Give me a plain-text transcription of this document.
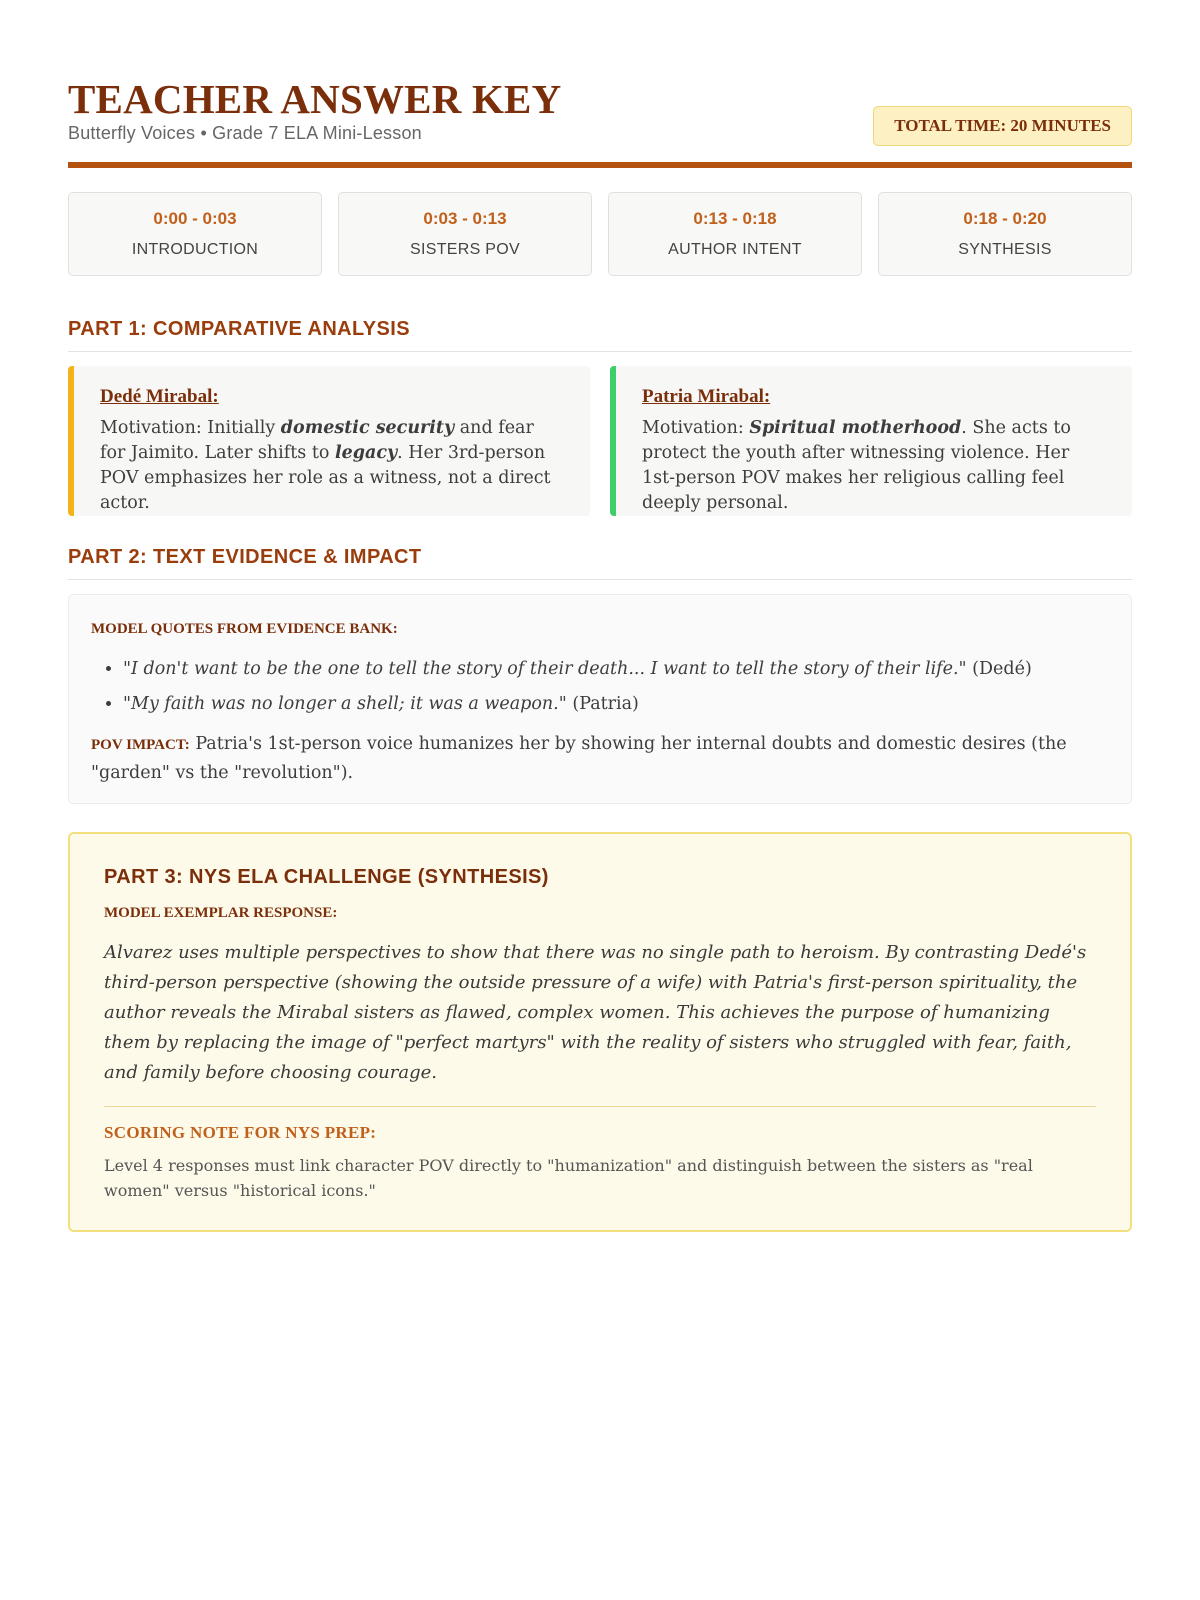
TEACHER ANSWER KEY
Butterfly Voices • Grade 7 ELA Mini-Lesson	TOTAL TIME: 20 MINUTES
0:00 - 0:03
INTRODUCTION
0:03 - 0:13
SISTERS POV
0:13 - 0:18
AUTHOR INTENT
0:18 - 0:20
SYNTHESIS
PART 1: COMPARATIVE ANALYSIS
Dedé Mirabal:

Motivation: Initially domestic security and fear for Jaimito. Later shifts to legacy. Her 3rd-person POV emphasizes her role as a witness, not a direct actor.

Patria Mirabal:

Motivation: Spiritual motherhood. She acts to protect the youth after witnessing violence. Her 1st-person POV makes her religious calling feel deeply personal.

PART 2: TEXT EVIDENCE & IMPACT
MODEL QUOTES FROM EVIDENCE BANK:
• "I don't want to be the one to tell the story of their death... I want to tell the story of their life." (Dedé)
• "My faith was no longer a shell; it was a weapon." (Patria)

POV IMPACT: Patria's 1st-person voice humanizes her by showing her internal doubts and domestic desires (the "garden" vs the "revolution").

PART 3: NYS ELA CHALLENGE (SYNTHESIS)
MODEL EXEMPLAR RESPONSE:

Alvarez uses multiple perspectives to show that there was no single path to heroism. By contrasting Dedé's third-person perspective (showing the outside pressure of a wife) with Patria's first-person spirituality, the author reveals the Mirabal sisters as flawed, complex women. This achieves the purpose of humanizing them by replacing the image of "perfect martyrs" with the reality of sisters who struggled with fear, faith, and family before choosing courage.

SCORING NOTE FOR NYS PREP:

Level 4 responses must link character POV directly to "humanization" and distinguish between the sisters as "real women" versus "historical icons."
